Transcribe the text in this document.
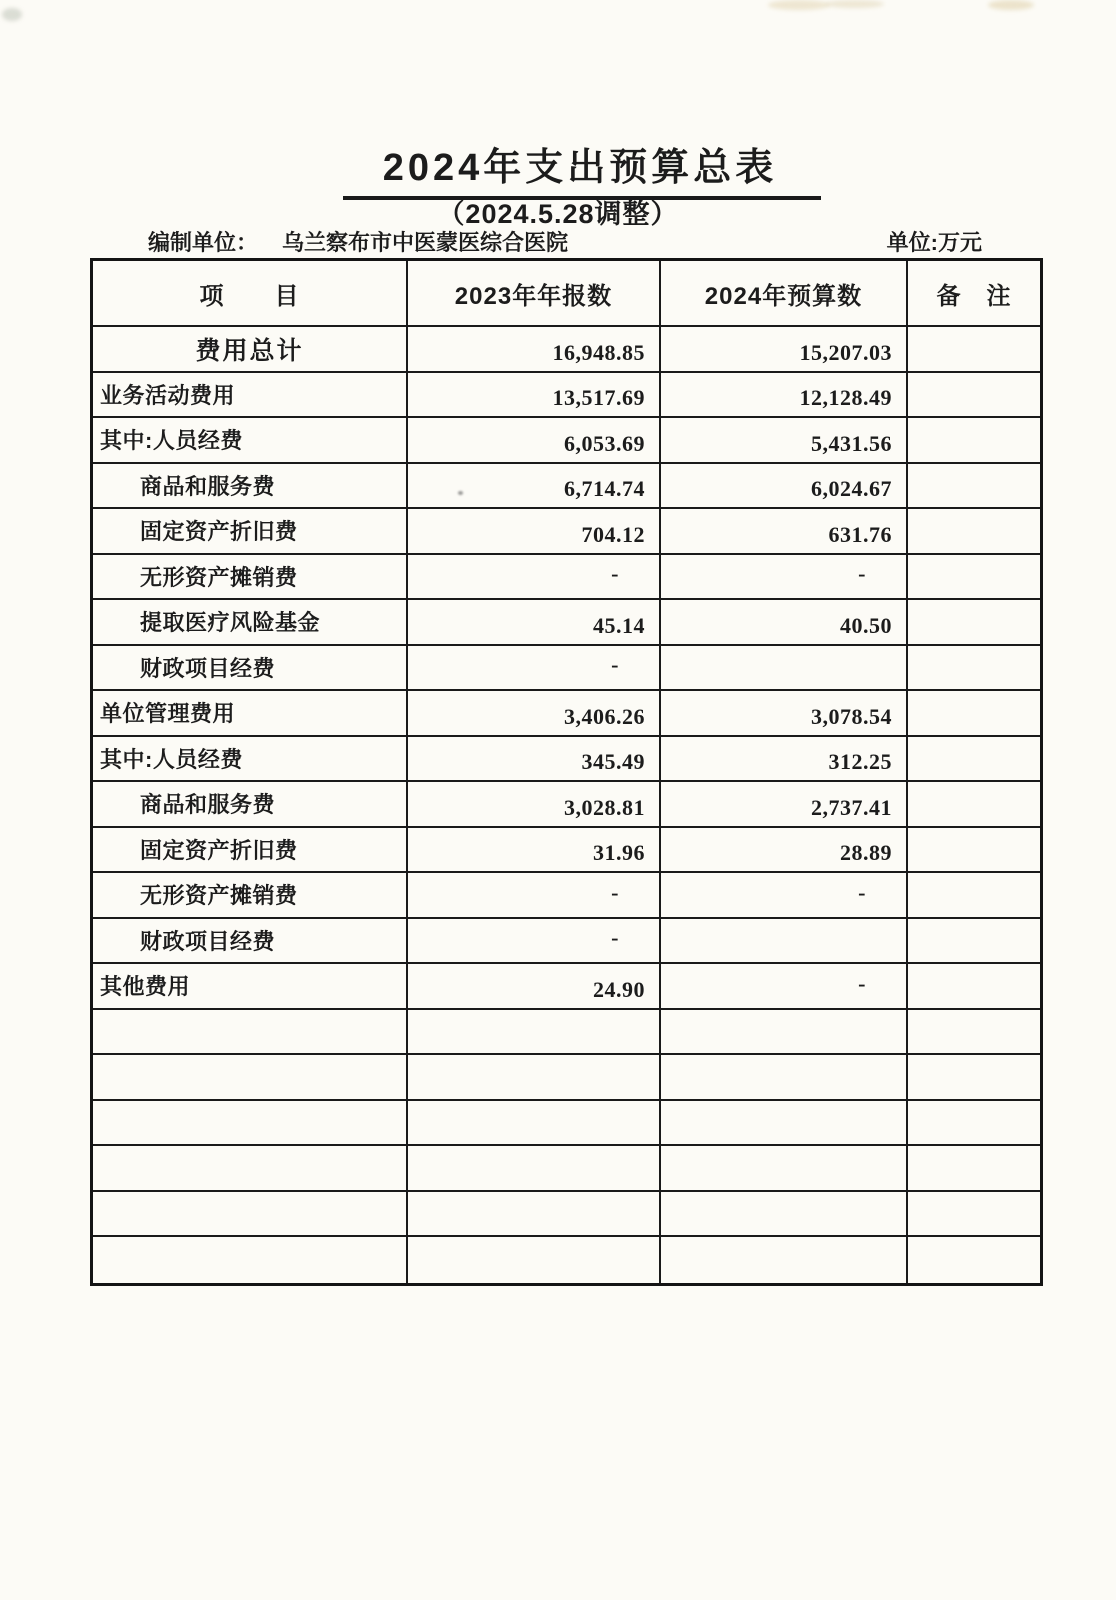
2024年支出预算总表
（2024.5.28调整）
编制单位： 乌兰察布市中医蒙医综合医院	单位:万元
项　　目	2023年年报数	2024年预算数	备　注
费用总计	16,948.85	15,207.03
业务活动费用	13,517.69	12,128.49
其中:人员经费	6,053.69	5,431.56
商品和服务费	6,714.74	6,024.67
固定资产折旧费	704.12	631.76
无形资产摊销费	-	-
提取医疗风险基金	45.14	40.50
财政项目经费	-
单位管理费用	3,406.26	3,078.54
其中:人员经费	345.49	312.25
商品和服务费	3,028.81	2,737.41
固定资产折旧费	31.96	28.89
无形资产摊销费	-	-
财政项目经费	-
其他费用	24.90	-
